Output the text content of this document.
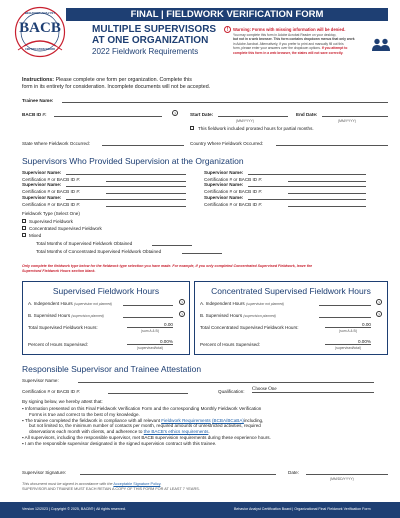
BEHAVIOR ANALYST
BACB
CERTIFICATION BOARD
FINAL | FIELDWORK VERIFICATION FORM
MULTIPLE SUPERVISORS
AT ONE ORGANIZATION
2022 Fieldwork Requirements
!	Warning: Forms with missing information will be denied.
You may complete this form in Adobe Acrobat Reader on your desktop,
but not in a web browser. This form contains dropdown menus that only work
in Adobe Acrobat. Alternatively, if you prefer to print and manually fill out this
form, please enter your answers over the dropdown options. If you attempt to
complete this form in a web browser, the states will not save correctly.
Instructions: Please complete one form per organization. Complete this
form in its entirety for consideration. Incomplete documents will not be accepted.
Trainee Name:
BACB ID #:	?	Start Date:
(MM/YYYY)
End Date:
(MM/YYYY)
This fieldwork included prorated hours for partial months.
State Where Fieldwork Occurred:	Country Where Fieldwork Occurred:
Supervisors Who Provided Supervision at the Organization
Supervisor Name:
Certification # or BACB ID #:
Supervisor Name:
Certification # or BACB ID #:
Supervisor Name:
Certification # or BACB ID #:
Supervisor Name:
Certification # or BACB ID #:
Supervisor Name:
Certification # or BACB ID #:
Supervisor Name:
Certification # or BACB ID #:
Fieldwork Type (Select One)
Supervised Fieldwork
Concentrated Supervised Fieldwork
Mixed
Total Months of Supervised Fieldwork Obtained
Total Months of Concentrated Supervised Fieldwork Obtained
Only complete the fieldwork type below for the fieldwork type selection you have made. For example, if you only completed Concentrated Supervised Fieldwork, leave the
Supervised Fieldwork Hours section blank.
Supervised Fieldwork Hours
A. Independent Hours (supervision not planned)	?
B. Supervised Hours (supervision planned)	?
Total Supervised Fieldwork Hours:
0.00
(sum A & B)
Percent of Hours Supervised:
0.00%
(supervised/total)
Concentrated Supervised Fieldwork Hours
A. Independent Hours (supervision not planned)	?
B. Supervised Hours (supervision planned)	?
Total Concentrated Supervised Fieldwork Hours:
0.00
(sum A & B)
Percent of Hours Supervised:
0.00%
(supervised/total)
Responsible Supervisor and Trainee Attestation
Supervisor Name:
Certification # or BACB ID #:	Qualification: Choose One
By signing below, we hereby attest that:
▪ Information presented on this Final Fieldwork Verification Form and the corresponding Monthly Fieldwork Verification
Forms is true and correct to the best of my knowledge.
▪ The trainee completed the fieldwork in compliance with all relevant Fieldwork Requirements (BCBA/BCaBA)including,
but not limited to, the minimum number of contacts per month, required amounts of unrestricted activities, required
observations each month with clients, and adherence to the BACB's ethics requirements.
▪ All supervisors, including the responsible supervisor, met BACB supervision requirements during these experience hours.
▪ I am the responsible supervisor designated in the signed supervision contract with this trainee.
Supervisor Signature:	Date:
(MM/DD/YYYY)
This document must be signed in accordance with the Acceptable Signature Policy.
SUPERVISOR AND TRAINEE MUST EACH RETAIN A COPY OF THIS FORM FOR AT LEAST 7 YEARS.
Version 12/2023 | Copyright © 2025, BACB® | All rights reserved.	Behavior Analyst Certification Board | Organizational Final Fieldwork Verification Form
